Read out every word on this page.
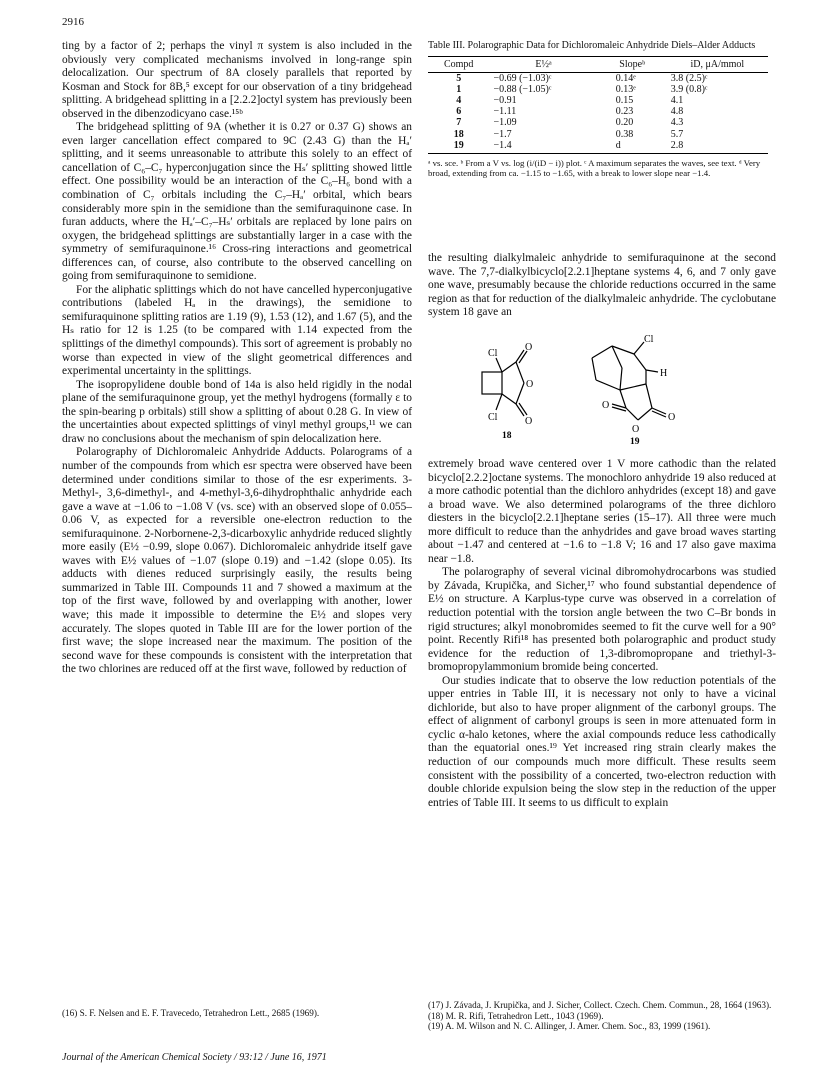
2916

ting by a factor of 2; perhaps the vinyl π system is also included in the obviously very complicated mechanisms involved in long-range spin delocalization. Our spectrum of 8A closely parallels that reported by Kosman and Stock for 8B,⁵ except for our observation of a tiny bridgehead splitting. A bridgehead splitting in a [2.2.2]octyl system has previously been observed in the dibenzodicyano case.¹⁵ᵇ

The bridgehead splitting of 9A (whether it is 0.27 or 0.37 G) shows an even larger cancellation effect compared to 9C (2.43 G) than the Hₐ′ splitting, and it seems unreasonable to attribute this solely to an effect of cancellation of C₆–C₇ hyperconjugation since the Hₛ′ splitting showed little effect. One possibility would be an interaction of the C₆–H₆ bond with a combination of C₇ orbitals including the C₇–Hₐ′ orbital, which bears considerably more spin in the semidione than the semifuraquinone case. In furan adducts, where the Hₐ′–C₇–Hₛ′ orbitals are replaced by lone pairs on oxygen, the bridgehead splittings are substantially larger in a case with the symmetry of semifuraquinone.¹⁶ Cross-ring interactions and geometrical differences can, of course, also contribute to the observed cancelling on going from semifuraquinone to semidione.

For the aliphatic splittings which do not have cancelled hyperconjugative contributions (labeled Hₐ in the drawings), the semidione to semifuraquinone splitting ratios are 1.19 (9), 1.53 (12), and 1.67 (5), and the Hₛ ratio for 12 is 1.25 (to be compared with 1.14 expected from the splittings of the dimethyl compounds). This sort of agreement is probably no worse than expected in view of the slight geometrical differences and experimental uncertainty in the splittings.

The isopropylidene double bond of 14a is also held rigidly in the nodal plane of the semifuraquinone group, yet the methyl hydrogens (formally ε to the spin-bearing p orbitals) still show a splitting of about 0.28 G. In view of the uncertainties about expected splittings of vinyl methyl groups,¹¹ we can draw no conclusions about the mechanism of spin delocalization here.

Polarography of Dichloromaleic Anhydride Adducts. Polarograms of a number of the compounds from which esr spectra were observed have been determined under conditions similar to those of the esr experiments. 3-Methyl-, 3,6-dimethyl-, and 4-methyl-3,6-dihydrophthalic anhydride each gave a wave at −1.06 to −1.08 V (vs. sce) with an observed slope of 0.055–0.06 V, as expected for a reversible one-electron reduction to the semifuraquinone. 2-Norbornene-2,3-dicarboxylic anhydride reduced slightly more easily (E½ −0.99, slope 0.067). Dichloromaleic anhydride itself gave waves with E½ values of −1.07 (slope 0.19) and −1.42 (slope 0.05). Its adducts with dienes reduced surprisingly easily, the results being summarized in Table III. Compounds 11 and 7 showed a maximum at the top of the first wave, followed by and overlapping with another, lower wave; this made it impossible to determine the E½ and slopes very accurately. The slopes quoted in Table III are for the lower portion of the first wave; the slope increased near the maximum. The position of the second wave for these compounds is consistent with the interpretation that the two chlorines are reduced off at the first wave, followed by reduction of

(16) S. F. Nelsen and E. F. Travecedo, Tetrahedron Lett., 2685 (1969).

Table III. Polarographic Data for Dichloromaleic Anhydride Diels–Alder Adducts
Compd	E½ᵃ	Slopeᵇ	iD, μA/mmol
5	−0.69 (−1.03)ᶜ	0.14ᵉ	3.8 (2.5)ᶜ
1	−0.88 (−1.05)ᶜ	0.13ᵉ	3.9 (0.8)ᶜ
4	−0.91	0.15	4.1
6	−1.11	0.23	4.8
7	−1.09	0.20	4.3
18	−1.7	0.38	5.7
19	−1.4	d	2.8
ᵃ vs. sce. ᵇ From a V vs. log (i/(iD − i)) plot. ᶜ A maximum separates the waves, see text. ᵈ Very broad, extending from ca. −1.15 to −1.65, with a break to lower slope near −1.4.

the resulting dialkylmaleic anhydride to semifuraquinone at the second wave. The 7,7-dialkylbicyclo[2.2.1]heptane systems 4, 6, and 7 only gave one wave, presumably because the chloride reductions occurred in the same region as that for reduction of the dialkylmaleic anhydride. The cyclobutane system 18 gave an

Cl
O
O
Cl	O
18
Cl
H
O
O
O
19

extremely broad wave centered over 1 V more cathodic than the related bicyclo[2.2.2]octane systems. The monochloro anhydride 19 also reduced at a more cathodic potential than the dichloro anhydrides (except 18) and gave a broad wave. We also determined polarograms of the three dichloro diesters in the bicyclo[2.2.1]heptane series (15–17). All three were much more difficult to reduce than the anhydrides and gave broad waves starting about −1.47 and centered at −1.6 to −1.8 V; 16 and 17 also gave maxima near −1.8.

The polarography of several vicinal dibromohydrocarbons was studied by Závada, Krupička, and Sicher,¹⁷ who found substantial dependence of E½ on structure. A Karplus-type curve was observed in a correlation of reduction potential with the torsion angle between the two C–Br bonds in rigid structures; alkyl monobromides seemed to fit the curve well for a 90° point. Recently Rifi¹⁸ has presented both polarographic and product study evidence for the reduction of 1,3-dibromopropane and triethyl-3-bromopropylammonium bromide being concerted.

Our studies indicate that to observe the low reduction potentials of the upper entries in Table III, it is necessary not only to have a vicinal dichloride, but also to have proper alignment of the carbonyl groups. The effect of alignment of carbonyl groups is seen in more attenuated form in cyclic α-halo ketones, where the axial compounds reduce less cathodically than the equatorial ones.¹⁹ Yet increased ring strain clearly makes the reduction of our compounds much more difficult. These results seem consistent with the possibility of a concerted, two-electron reduction with double chloride expulsion being the slow step in the reduction of the upper entries of Table III. It seems to us difficult to explain

(17) J. Závada, J. Krupička, and J. Sicher, Collect. Czech. Chem. Commun., 28, 1664 (1963).

(18) M. R. Rifi, Tetrahedron Lett., 1043 (1969).

(19) A. M. Wilson and N. C. Allinger, J. Amer. Chem. Soc., 83, 1999 (1961).

Journal of the American Chemical Society / 93:12 / June 16, 1971
